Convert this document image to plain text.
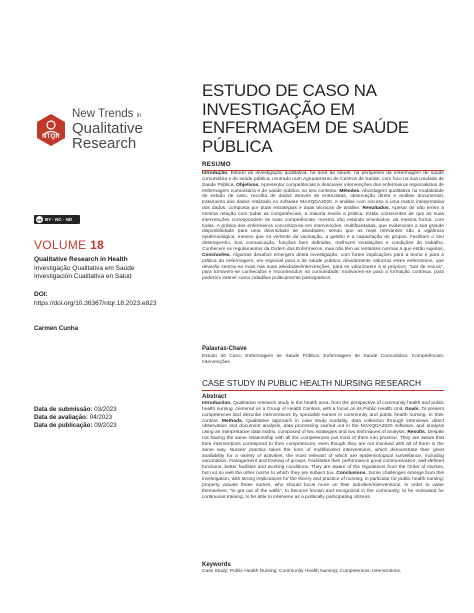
NTQR
New Trends in
Qualitative
Research
cc BY · NC · ND
VOLUME 18
Qualitative Research in Health
Investigação Qualitativa em Saúde
Investigación Cualitativa en Salud
DOI:
https://doi.org/10.36367/ntqr.18.2023.e823
Carmen Cunha
Data de submissão: 03/2023
Data de avaliação: 04/2023
Data de publicação: 09/2023
ESTUDO DE CASO NA INVESTIGAÇÃO EM ENFERMAGEM DE SAÚDE PÚBLICA
RESUMO
Introdução. Estudo de investigação qualitativa, na área da saúde, na perspetiva da enfermagem de saúde comunitária e de saúde pública, centrado num Agrupamento de Centros de Saúde, com foco na sua Unidade de Saúde Pública. Objetivos. Apresentar competências e descrever intervenções dos enfermeiros especialistas de enfermagem comunitária e de saúde pública, no seu contexto. Métodos. Abordagem qualitativa na modalidade de estudo de caso, recolha de dados através de entrevistas, observação direta e análise documental, tratamento dos dados realizado no software MAXQDA2020, e análise com recurso a uma matriz interpretativa dos dados, composta por duas estratégias e duas técnicas de análise. Resultados. Apesar de não terem a mesma relação com todas as competências, a maioria revela a prática. Estão conscientes de que as suas intervenções correspondem às suas competências, mesmo não estando envolvidos, da mesma forma, com todas. A prática dos enfermeiros concretiza-se em intervenções, multifacetadas, que evidenciam a sua grande disponibilidade para uma diversidade de atividades, sendo que as mais relevantes são a vigilância epidemiológica, mesmo que na vertente da vacinação, a gestão e a capacitação de grupos. Facilitam o seu desempenho, boa comunicação, funções bem definidas, melhores instalações e condições de trabalho. Conhecem os regulamentos da Ordem dos Enfermeiros, mas não têm as restantes normas a que estão sujeitos. Conclusões. Algumas desafios emergem desta investigação, com fortes implicações para a teoria e para a prática da enfermagem, em especial para a de saúde pública: devidamente valorizar estes enfermeiros, que deverão centrar-se mais nas suas atividades/intervenções, para se valorizarem a si próprios; "sair de muros", para tornarem-se conhecidos e reconhecidos na comunidade; motivarem-se para a formação contínua, para poderem intervir como cidadãos politicamente participativos.
Palavras-Chave
Estudo de Caso; Enfermagem de Saúde Pública; Enfermagem de Saúde Comunitária; Competências; Intervenções.
CASE STUDY IN PUBLIC HEALTH NURSING RESEARCH
Abstract
Introduction. Qualitative research study in the health area, from the perspective of community health and public health nursing, centered on a Group of Health Centers, with a focus on its Public Health Unit. Goals. To present competences and describe interventions by specialist nurses in community and public health nursing, in their context. Methods. Qualitative approach in case study modality, data collection through interviews, direct observation and document analysis, data processing carried out in the MAXQDA2020 software, and analysis using an interpretative data matrix, composed of two strategies and two techniques of analysis. Results. Despite not having the same relationship with all the competences put most of them into practice. They are aware that their interventions correspond to their competences, even though they are not involved with all of them in the same way. Nurses' practice takes the form of multifaceted interventions, which demonstrate their great availability for a variety of activities, the most relevant of which are epidemiological surveillance, including vaccination, management and training of groups. Facilitates their performance good communication, well-defined functions, better facilities and working conditions. They are aware of the regulations from the Order of Nurses, but not so well the other norms to which they are subject too. Conclusions. Some challenges emerge from this investigation, with strong implications for the theory and practice of nursing, in particular for public health nursing: properly valuate these nurses, who should focus more on their activities/interventions, in order to value themselves; "to get out of the walls", to become known and recognized in the community; to be motivated for continuous training, to be able to intervene as a politically participating citizens.
Keywords
Case Study; Public Health Nursing; Community Health Nursing; Competences; Interventions.
